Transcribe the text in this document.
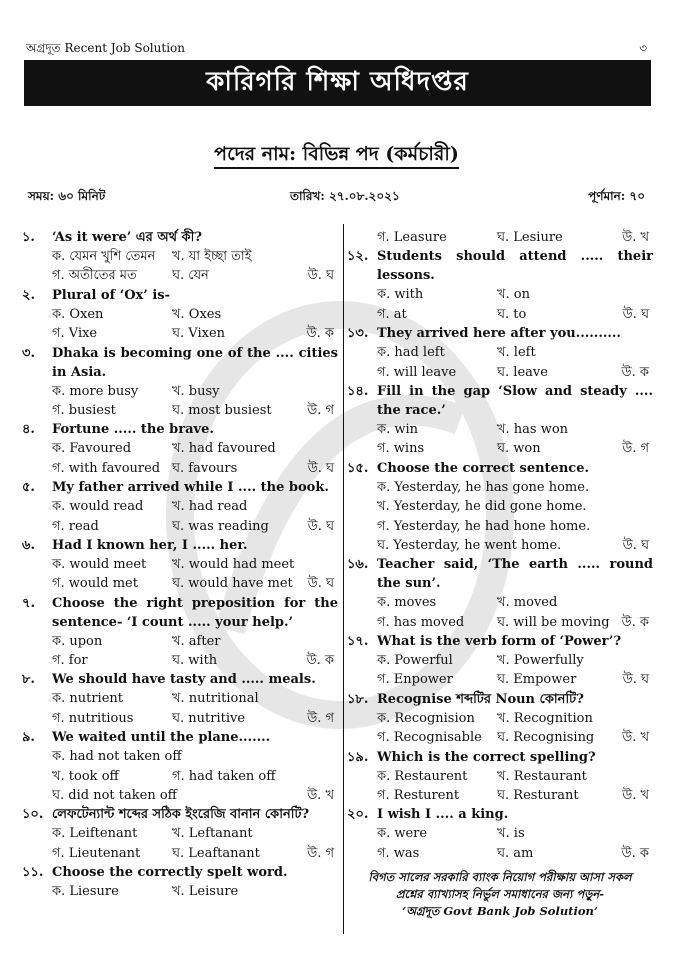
অগ্রদূত Recent Job Solution	৩
কারিগরি শিক্ষা অধিদপ্তর
পদের নাম: বিভিন্ন পদ (কর্মচারী)
সময়: ৬০ মিনিট	তারিখ: ২৭.০৮.২০২১	পূর্ণমান: ৭০
১.	‘As it were’ এর অর্থ কী?
ক. যেমন খুশি তেমন খ. যা ইচ্ছা তাই
গ. অতীতের মত	ঘ. যেন	উ. ঘ
২.	Plural of ‘Ox’ is-
ক. Oxen	খ. Oxes
গ. Vixe	ঘ. Vixen	উ. ক
৩.	Dhaka is becoming one of the .... cities in Asia.
ক. more busy	খ. busy
গ. busiest	ঘ. most busiest	উ. গ
৪.	Fortune ..... the brave.
ক. Favoured	খ. had favoured
গ. with favoured ঘ. favours	উ. ঘ
৫.	My father arrived while I .... the book.
ক. would read খ. had read
গ. read	ঘ. was reading	উ. ঘ
৬.	Had I known her, I ..... her.
ক. would meet খ. would had meet
গ. would met	ঘ. would have met উ. ঘ
৭.	Choose the right preposition for the sentence- ‘I count ..... your help.’
ক. upon	খ. after
গ. for	ঘ. with	উ. ক
৮.	We should have tasty and ..... meals.
ক. nutrient	খ. nutritional
গ. nutritious	ঘ. nutritive	উ. গ
৯.	We waited until the plane.......
ক. had not taken off
খ. took off	গ. had taken off
ঘ. did not taken off	উ. খ
১০. লেফটেন্যান্ট শব্দের সঠিক ইংরেজি বানান কোনটি?
ক. Leiftenant	খ. Leftanant
গ. Lieutenant ঘ. Leaftanant	উ. গ
১১. Choose the correctly spelt word.
ক. Liesure	খ. Leisure
গ. Leasure	ঘ. Lesiure	উ. খ
১২. Students should attend ..... their lessons.
ক. with	খ. on
গ. at	ঘ. to	উ. ঘ
১৩. They arrived here after you..........
ক. had left	খ. left
গ. will leave	ঘ. leave	উ. ক
১৪. Fill in the gap ‘Slow and steady .... the race.’
ক. win	খ. has won
গ. wins	ঘ. won	উ. গ
১৫. Choose the correct sentence.
ক. Yesterday, he has gone home.
খ. Yesterday, he did gone home.
গ. Yesterday, he had hone home.
ঘ. Yesterday, he went home.	উ. ঘ
১৬. Teacher said, ‘The earth ..... round the sun’.
ক. moves	খ. moved
গ. has moved	ঘ. will be moving উ. ক
১৭. What is the verb form of ‘Power’?
ক. Powerful	খ. Powerfully
গ. Enpower	ঘ. Empower	উ. ঘ
১৮. Recognise শব্দটির Noun কোনটি?
ক. Recognision খ. Recognition
গ. Recognisable ঘ. Recognising উ. খ
১৯. Which is the correct spelling?
ক. Restaurent খ. Restaurant
গ. Resturent	ঘ. Resturant	উ. খ
২০. I wish I .... a king.
ক. were	খ. is
গ. was	ঘ. am	উ. ক
বিগত সালের সরকারি ব্যাংক নিয়োগ পরীক্ষায় আসা সকল
প্রশ্নের ব্যাখ্যাসহ নির্ভুল সমাধানের জন্য পড়ুন-
‘অগ্রদূত Govt Bank Job Solution’
